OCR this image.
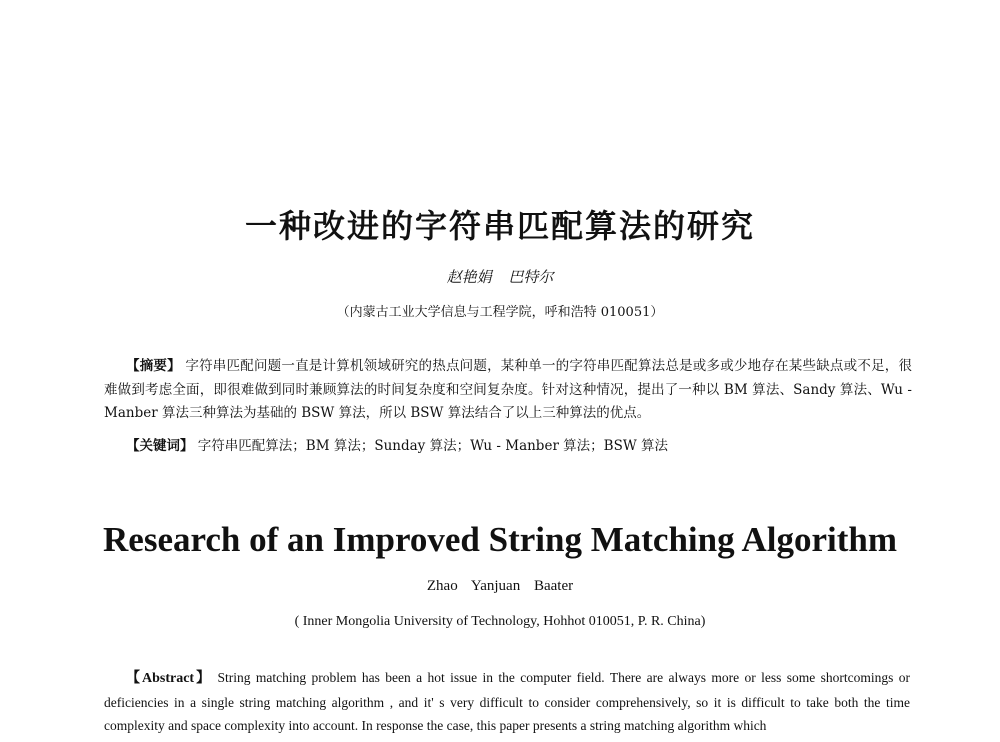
一种改进的字符串匹配算法的研究
赵艳娟 巴特尔
（内蒙古工业大学信息与工程学院，呼和浩特 010051）
【摘要】 字符串匹配问题一直是计算机领域研究的热点问题，某种单一的字符串匹配算法总是或多或少地存在某些缺点或不足，很难做到考虑全面，即很难做到同时兼顾算法的时间复杂度和空间复杂度。针对这种情况，提出了一种以 BM 算法、Sandy 算法、Wu - Manber 算法三种算法为基础的 BSW 算法，所以 BSW 算法结合了以上三种算法的优点。
【关键词】 字符串匹配算法；BM 算法；Sunday 算法；Wu - Manber 算法；BSW 算法
Research of an Improved String Matching Algorithm
Zhao Yanjuan Baater
( Inner Mongolia University of Technology, Hohhot 010051, P. R. China)
【Abstract】 String matching problem has been a hot issue in the computer field. There are always more or less some shortcomings or deficiencies in a single string matching algorithm , and it' s very difficult to consider comprehensively, so it is difficult to take both the time complexity and space complexity into account. In response the case, this paper presents a string matching algorithm which
